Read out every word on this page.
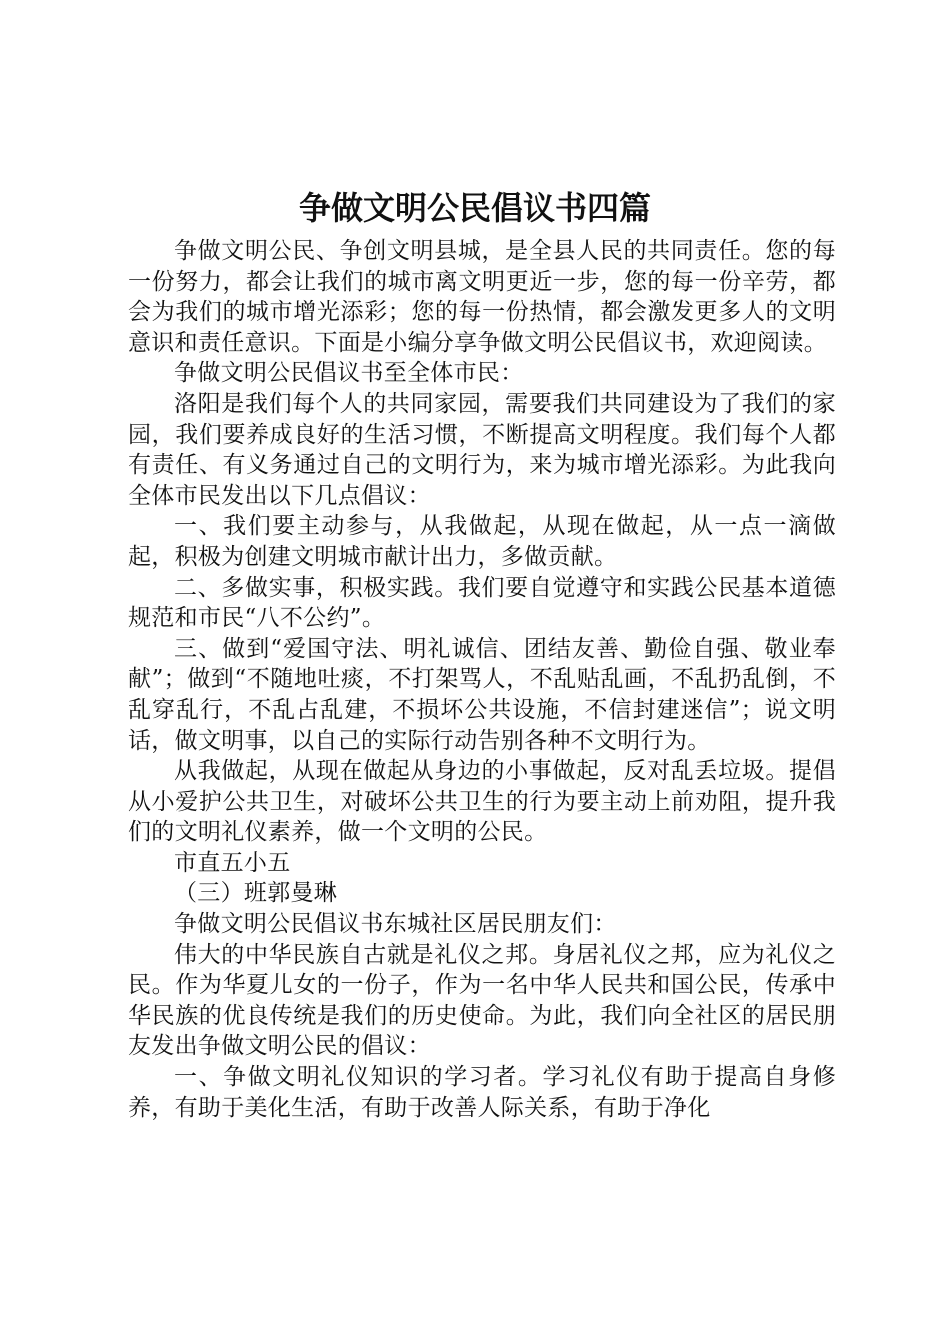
争做文明公民倡议书四篇

争做文明公民、争创文明县城，是全县人民的共同责任。您的每一份努力，都会让我们的城市离文明更近一步，您的每一份辛劳，都会为我们的城市增光添彩；您的每一份热情，都会激发更多人的文明意识和责任意识。下面是小编分享争做文明公民倡议书，欢迎阅读。

争做文明公民倡议书至全体市民：

洛阳是我们每个人的共同家园，需要我们共同建设为了我们的家园，我们要养成良好的生活习惯，不断提高文明程度。我们每个人都有责任、有义务通过自己的文明行为，来为城市增光添彩。为此我向全体市民发出以下几点倡议：

一、我们要主动参与，从我做起，从现在做起，从一点一滴做起，积极为创建文明城市献计出力，多做贡献。

二、多做实事，积极实践。我们要自觉遵守和实践公民基本道德规范和市民“八不公约”。

三、做到“爱国守法、明礼诚信、团结友善、勤俭自强、敬业奉献”；做到“不随地吐痰，不打架骂人，不乱贴乱画，不乱扔乱倒，不乱穿乱行，不乱占乱建，不损坏公共设施，不信封建迷信”；说文明话，做文明事，以自己的实际行动告别各种不文明行为。

从我做起，从现在做起从身边的小事做起，反对乱丢垃圾。提倡从小爱护公共卫生，对破坏公共卫生的行为要主动上前劝阻，提升我们的文明礼仪素养，做一个文明的公民。

市直五小五

（三）班郭曼琳

争做文明公民倡议书东城社区居民朋友们：

伟大的中华民族自古就是礼仪之邦。身居礼仪之邦，应为礼仪之民。作为华夏儿女的一份子，作为一名中华人民共和国公民，传承中华民族的优良传统是我们的历史使命。为此，我们向全社区的居民朋友发出争做文明公民的倡议：

一、争做文明礼仪知识的学习者。学习礼仪有助于提高自身修养，有助于美化生活，有助于改善人际关系，有助于净化
